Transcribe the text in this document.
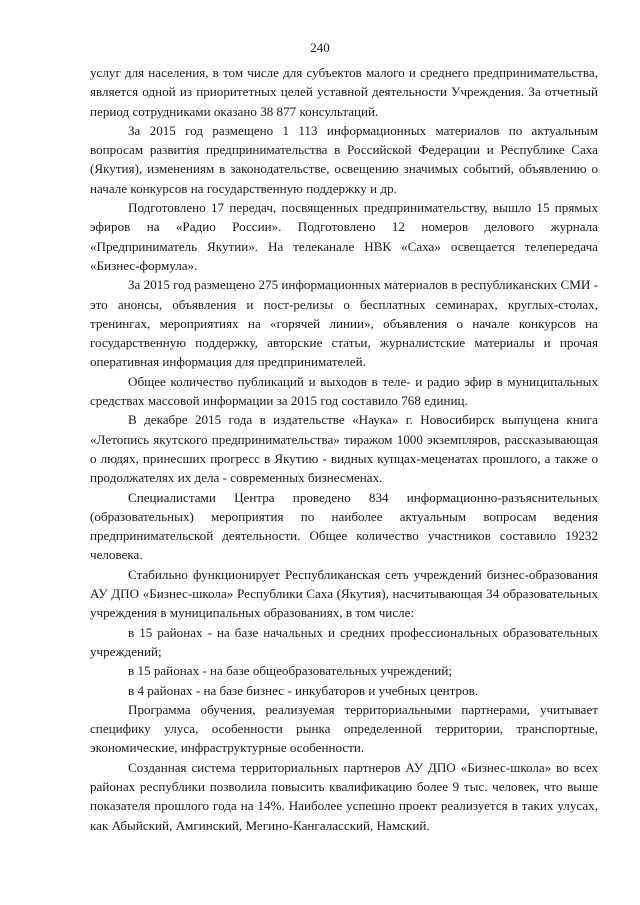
240

услуг для населения, в том числе для субъектов малого и среднего предпринимательства, является одной из приоритетных целей уставной деятельности Учреждения. За отчетный период сотрудниками оказано 38 877 консультаций.

За 2015 год размещено 1 113 информационных материалов по актуальным вопросам развития предпринимательства в Российской Федерации и Республике Саха (Якутия), изменениям в законодательстве, освещению значимых событий, объявлению о начале конкурсов на государственную поддержку и др.

Подготовлено 17 передач, посвященных предпринимательству, вышло 15 прямых эфиров на «Радио России». Подготовлено 12 номеров делового журнала «Предприниматель Якутии». На телеканале НВК «Саха» освещается телепередача «Бизнес-формула».

За 2015 год размещено 275 информационных материалов в республиканских СМИ - это анонсы, объявления и пост-релизы о бесплатных семинарах, круглых-столах, тренингах, мероприятиях на «горячей линии», объявления о начале конкурсов на государственную поддержку, авторские статьи, журналистские материалы и прочая оперативная информация для предпринимателей.

Общее количество публикаций и выходов в теле- и радио эфир в муниципальных средствах массовой информации за 2015 год составило 768 единиц.

В декабре 2015 года в издательстве «Наука» г. Новосибирск выпущена книга «Летопись якутского предпринимательства» тиражом 1000 экземпляров, рассказывающая о людях, принесших прогресс в Якутию - видных купцах-меценатах прошлого, а также о продолжателях их дела - современных бизнесменах.

Специалистами Центра проведено 834 информационно-разъяснительных (образовательных) мероприятия по наиболее актуальным вопросам ведения предпринимательской деятельности. Общее количество участников составило 19232 человека.

Стабильно функционирует Республиканская сеть учреждений бизнес-образования АУ ДПО «Бизнес-школа» Республики Саха (Якутия), насчитывающая 34 образовательных учреждения в муниципальных образованиях, в том числе:

в 15 районах - на базе начальных и средних профессиональных образовательных учреждений;

в 15 районах - на базе общеобразовательных учреждений;

в 4 районах - на базе бизнес - инкубаторов и учебных центров.

Программа обучения, реализуемая территориальными партнерами, учитывает специфику улуса, особенности рынка определенной территории, транспортные, экономические, инфраструктурные особенности.

Созданная система территориальных партнеров АУ ДПО «Бизнес-школа» во всех районах республики позволила повысить квалификацию более 9 тыс. человек, что выше показателя прошлого года на 14%. Наиболее успешно проект реализуется в таких улусах, как Абыйский, Амгинский, Мегино-Кангаласский, Намский.
